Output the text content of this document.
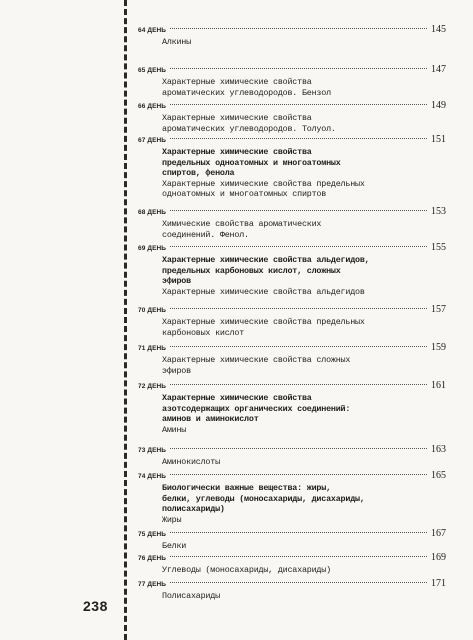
238
64 ДЕНЬ	145
Алкины
65 ДЕНЬ	147
Характерные химические свойства
ароматических углеводородов. Бензол
66 ДЕНЬ	149
Характерные химические свойства
ароматических углеводородов. Толуол.
67 ДЕНЬ	151
Характерные химические свойства
предельных одноатомных и многоатомных
спиртов, фенола
Характерные химические свойства предельных
одноатомных и многоатомных спиртов
68 ДЕНЬ	153
Химические свойства ароматических
соединений. Фенол.
69 ДЕНЬ	155
Характерные химические свойства альдегидов,
предельных карбоновых кислот, сложных
эфиров
Характерные химические свойства альдегидов
70 ДЕНЬ	157
Характерные химические свойства предельных
карбоновых кислот
71 ДЕНЬ	159
Характерные химические свойства сложных
эфиров
72 ДЕНЬ	161
Характерные химические свойства
азотсодержащих органических соединений:
аминов и аминокислот
Амины
73 ДЕНЬ	163
Аминокислоты
74 ДЕНЬ	165
Биологически важные вещества: жиры,
белки, углеводы (моносахариды, дисахариды,
полисахариды)
Жиры
75 ДЕНЬ	167
Белки
76 ДЕНЬ	169
Углеводы (моносахариды, дисахариды)
77 ДЕНЬ	171
Полисахариды
